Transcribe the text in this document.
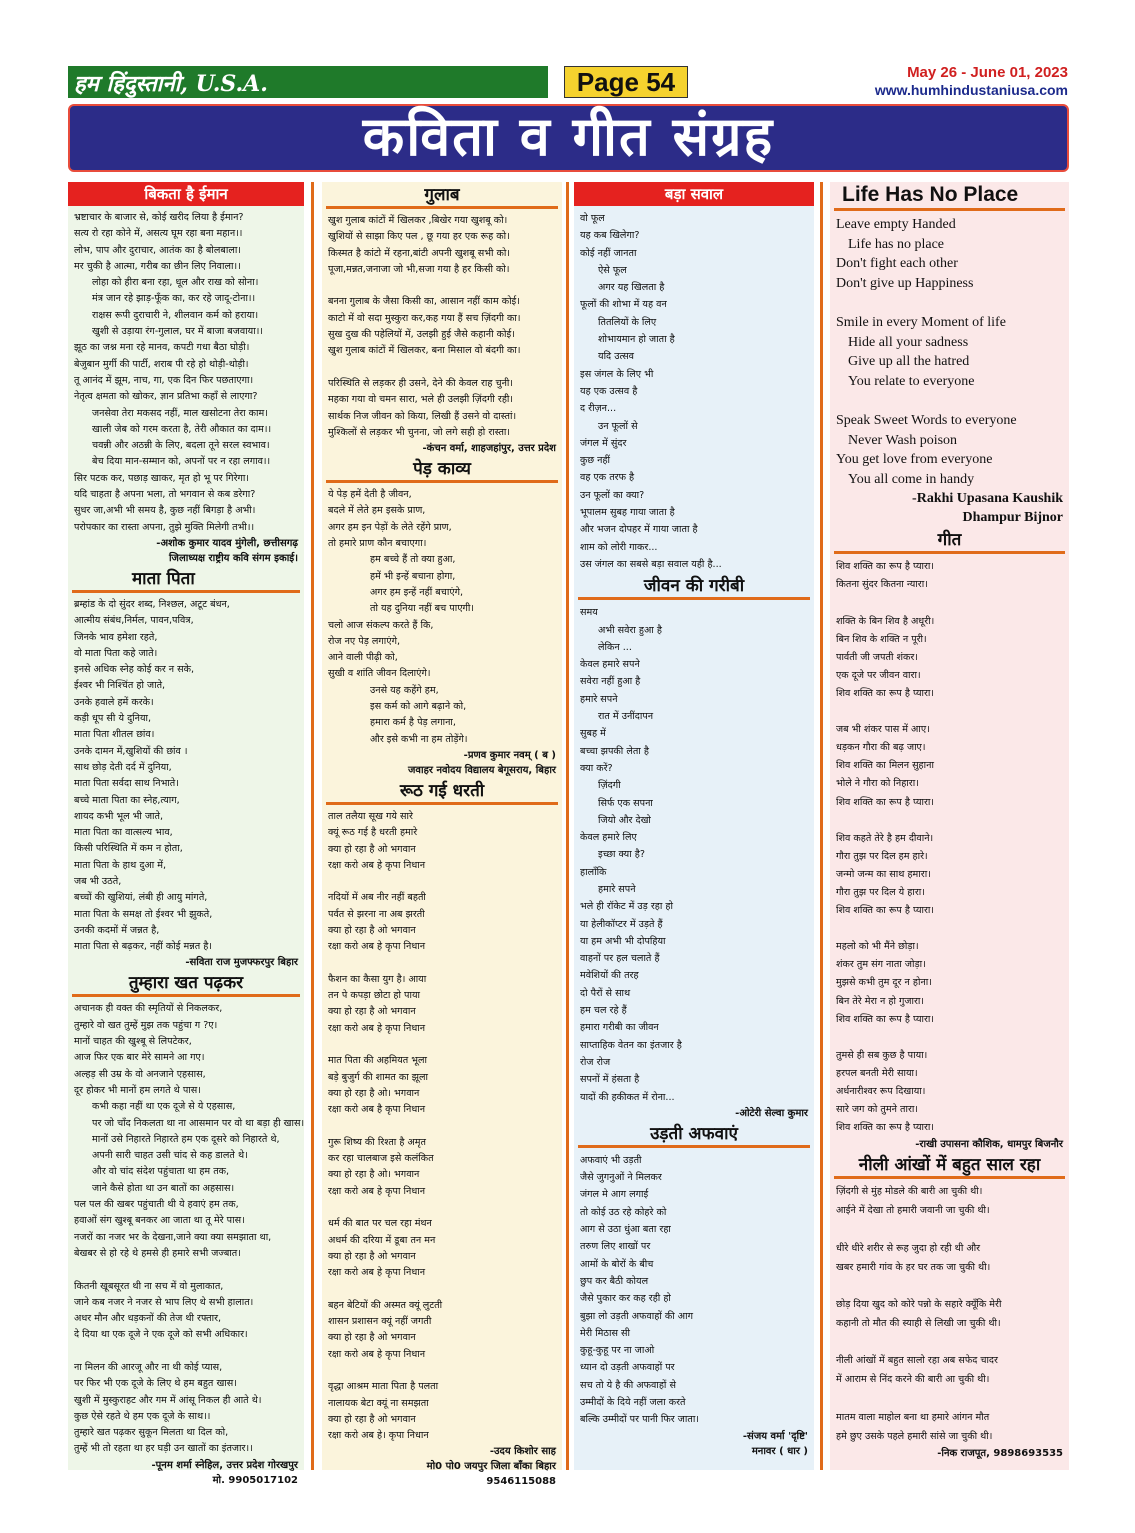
हम हिंदुस्तानी, U.S.A.	Page 54	May 26 - June 01, 2023
www.humhindustaniusa.com
कविता व गीत संग्रह
बिकता है ईमान
भ्रष्टाचार के बाजार से, कोई खरीद लिया है ईमान?
सत्य रो रहा कोने में, असत्य घूम रहा बना महान।।
लोभ, पाप और दुराचार, आतंक का है बोलबाला।
मर चुकी है आत्मा, गरीब का छीन लिए निवाला।।
लोहा को हीरा बना रहा, धूल और राख को सोना।
मंत्र जान रहे झाड़-फूँक का, कर रहे जादू-टोना।।
राक्षस रूपी दुराचारी ने, शीलवान कर्म को हराया।
खुशी से उड़ाया रंग-गुलाल, घर में बाजा बजवाया।।
झूठ का जश्न मना रहे मानव, कपटी गधा बैठा घोड़ी।
बेजुबान मुर्गी की पार्टी, शराब पी रहे हो थोड़ी-थोड़ी।
तू आनंद में झूम, नाच, गा, एक दिन फिर पछताएगा।
नेतृत्व क्षमता को खोकर, ज्ञान प्रतिभा कहाँ से लाएगा?
जनसेवा तेरा मकसद नहीं, माल खसोटना तेरा काम।
खाली जेब को गरम करता है, तेरी औकात का दाम।।
चवन्नी और अठन्नी के लिए, बदला तूने सरल स्वभाव।
बेच दिया मान-सम्मान को, अपनों पर न रहा लगाव।।
सिर पटक कर, पछाड़ खाकर, मृत हो भू पर गिरेगा।
यदि चाहता है अपना भला, तो भगवान से कब डरेगा?
सुधर जा,अभी भी समय है, कुछ नहीं बिगड़ा है अभी।
परोपकार का रास्ता अपना, तुझे मुक्ति मिलेगी तभी।।
-अशोक कुमार यादव मुंगेली, छत्तीसगढ़
जिलाध्यक्ष राष्ट्रीय कवि संगम इकाई।
माता पिता
ब्रम्हांड के दो सुंदर शब्द, निश्छल, अटूट बंधन,
आत्मीय संबंध,निर्मल, पावन,पवित्र,
जिनके भाव हमेशा रहते,
वो माता पिता कहे जाते।
इनसे अधिक स्नेह कोई कर न सके,
ईश्वर भी निश्चिंत हो जाते,
उनके हवाले हमें करके।
कड़ी धूप सी ये दुनिया,
माता पिता शीतल छांव।
उनके दामन में,खुशियों की छांव ।
साथ छोड़ देती दर्द में दुनिया,
माता पिता सर्वदा साथ निभाते।
बच्चे माता पिता का स्नेह,त्याग,
शायद कभी भूल भी जाते,
माता पिता का वात्सल्य भाव,
किसी परिस्थिति में कम न होता,
माता पिता के हाथ दुआ में,
जब भी उठते,
बच्चों की खुशियां, लंबी ही आयु मांगते,
माता पिता के समक्ष तो ईश्वर भी झुकते,
उनकी कदमों में जन्नत है,
माता पिता से बढ़कर, नहीं कोई मन्नत है।
-सविता राज मुजफ्फरपुर बिहार
तुम्हारा खत पढ़कर
अचानक ही वक्त की स्मृतियों से निकलकर,
तुम्हारे वो खत तुम्हें मुझ तक पहुंचा ग ?ए।
मानों चाहत की खुश्बू से लिपटेकर,
आज फिर एक बार मेरे सामने आ गए।
अल्हड़ सी उम्र के वो अनजाने एहसास,
दूर होकर भी मानों हम लगते थे पास।
कभी कहा नहीं था एक दूजे से ये एहसास,
पर जो चाँद निकलता था ना आसमान पर वो था बड़ा ही खास।
मानों उसे निहारते निहारते हम एक दूसरे को निहारते थे,
अपनी सारी चाहत उसी चांद से कह डालते थे।
और वो चांद संदेश पहुंचाता था हम तक,
जाने कैसे होता था उन बातों का अहसास।
पल पल की खबर पहुंचाती थी ये हवाएं हम तक,
हवाओं संग खुश्बू बनकर आ जाता था तू मेरे पास।
नजरों का नजर भर के देखना,जाने क्या क्या समझाता था,
बेखबर से हो रहे थे हमसे ही हमारे सभी जज्बात।
कितनी खूबसूरत थी ना सच में वो मुलाकात,
जाने कब नजर ने नजर से भाप लिए थे सभी हालात।
अधर मौन और धड़कनों की तेज थी रफ्तार,
दे दिया था एक दूजे ने एक दूजे को सभी अधिकार।
ना मिलन की आरजू और ना थी कोई प्यास,
पर फिर भी एक दूजे के लिए थे हम बहुत खास।
खुशी में मुस्कुराहट और गम में आंसू निकल ही आते थे।
कुछ ऐसे रहते थे हम एक दूजे के साथ।।
तुम्हारे खत पढ़कर सुकून मिलता था दिल को,
तुम्हें भी तो रहता था हर घड़ी उन खातों का इंतजार।।
-पूनम शर्मा स्नेहिल, उत्तर प्रदेश गोरखपुर
मो. 9905017102
गुलाब
खुश गुलाब कांटों में खिलकर ,बिखेर गया खुशबू को।
खुशियों से साझा किए पल , छू गया हर एक रूह को।
किस्मत है कांटो में रहना,बांटी अपनी खुशबू सभी को।
पूजा,मन्नत,जनाजा जो भी,सजा गया है हर किसी को।
बनना गुलाब के जैसा किसी का, आसान नहीं काम कोई।
काटो में वो सदा मुस्कुरा कर,कह गया हैं सच ज़िंदगी का।
सुख दुख की पहेलियों में, उलझी हुई जैसे कहानी कोई।
खुश गुलाब कांटों में खिलकर, बना मिसाल वो बंदगी का।
परिस्थिति से लड़कर ही उसने, देने की केवल राह चुनी।
महका गया वो चमन सारा, भले ही उलझी ज़िंदगी रही।
सार्थक निज जीवन को किया, लिखी हैं उसने वो दास्तां।
मुश्किलों से लड़कर भी चुनना, जो लगे सही हो रास्ता।
-कंचन वर्मा, शाहजहांपुर, उत्तर प्रदेश
पेड़ काव्य
ये पेड़ हमें देती है जीवन,
बदले में लेते हम इसके प्राण,
अगर हम इन पेड़ों के लेते रहेंगे प्राण,
तो हमारे प्राण कौन बचाएगा।
हम बच्चे हैं तो क्या हुआ,
हमें भी इन्हें बचाना होगा,
अगर हम इन्हें नहीं बचाएंगे,
तो यह दुनिया नहीं बच पाएगी।
चलो आज संकल्प करते हैं कि,
रोज नए पेड़ लगाएंगे,
आने वाली पीढ़ी को,
सुखी व शांति जीवन दिलाएंगे।
उनसे यह कहेंगे हम,
इस कर्म को आगे बढ़ाने को,
हमारा कर्म है पेड़ लगाना,
और इसे कभी ना हम तोड़ेंगे।
-प्रणव कुमार नवम् ( ब )
जवाहर नवोदय विद्यालय बेगूसराय, बिहार
रूठ गई धरती
ताल तलैया सूख गये सारे
क्यूं रूठ गई है धरती हमारे
क्या हो रहा है ओ भगवान
रक्षा करो अब हे कृपा निधान
नदियों में अब नीर नहीं बहती
पर्वत से झरना ना अब झरती
क्या हो रहा है ओ भगवान
रक्षा करो अब हे कृपा निधान
फैशन का कैसा युग है। आया
तन पे कपड़ा छोटा हो पाया
क्या हो रहा है ओ भगवान
रक्षा करो अब हे कृपा निधान
मात पिता की अहमियत भूला
बड़े बुजुर्ग की शामत का झूला
क्या हो रहा है ओ। भगवान
रक्षा करो अब है कृपा निधान
गुरू शिष्य की रिश्ता है अमृत
कर रहा चालबाज इसे कलंकित
क्या हो रहा है ओ। भगवान
रक्षा करो अब हे कृपा निधान
धर्म की बात पर चल रहा मंथन
अधर्म की दरिया में डूबा तन मन
क्या हो रहा है ओ भगवान
रक्षा करो अब हे कृपा निधान
बहन बेटियों की अस्मत क्यूं लुटती
शासन प्रशासन क्यूं नहीं जगती
क्या हो रहा है ओ भगवान
रक्षा करो अब हे कृपा निधान
वृद्धा आश्रम माता पिता है पलता
नालायक बेटा क्यूं ना समझता
क्या हो रहा है ओ भगवान
रक्षा करो अब हे। कृपा निधान
-उदय किशोर साह
मो0 पो0 जयपुर जिला बाँका बिहार
9546115088
बड़ा सवाल
वो फूल
यह कब खिलेगा?
कोई नहीं जानता
ऐसे फूल
अगर यह खिलता है
फूलों की शोभा में यह वन
तितलियों के लिए
शोभायमान हो जाता है
यदि उत्सव
इस जंगल के लिए भी
यह एक उत्सव है
द रीज़न...
उन फूलों से
जंगल में सुंदर
कुछ नहीं
वह एक तरफ है
उन फूलों का क्या?
भूपालम सुबह गाया जाता है
और भजन दोपहर में गाया जाता है
शाम को लोरी गाकर...
उस जंगल का सबसे बड़ा सवाल यही है...
जीवन की गरीबी
समय
अभी सवेरा हुआ है
लेकिन ...
केवल हमारे सपने
सवेरा नहीं हुआ है
हमारे सपने
रात में उनींदापन
सुबह में
बच्चा झपकी लेता है
क्या करें?
ज़िंदगी
सिर्फ एक सपना
जियो और देखो
केवल हमारे लिए
इच्छा क्या है?
हालाँकि
हमारे सपने
भले ही रॉकेट में उड़ रहा हो
या हेलीकॉप्टर में उड़ते हैं
या हम अभी भी दोपहिया
वाहनों पर हल चलाते हैं
मवेशियों की तरह
दो पैरों से साथ
हम चल रहे हैं
हमारा गरीबी का जीवन
साप्ताहिक वेतन का इंतजार है
रोज रोज
सपनों में हंसता है
यादों की हकीकत में रोना...
-ओटेरी सेल्वा कुमार
उड़ती अफवाएं
अफवाएं भी उड़ती
जैसे जुगनुओं ने मिलकर
जंगल मे आग लगाई
तो कोई उठ रहे कोहरे को
आग से उठा धुंआ बता रहा
तरुण लिए शाखों पर
आमों के बोरों के बीच
छुप कर बैठी कोयल
जैसे पुकार कर कह रही हो
बुझा लो उड़ती अफवाहों की आग
मेरी मिठास सी
कुहू-कुहू पर ना जाओ
ध्यान दो उड़ती अफवाहों पर
सच तो ये है की अफवाहों से
उम्मीदों के दिये नहीं जला करते
बल्कि उम्मीदों पर पानी फिर जाता।
-संजय वर्मा 'दृष्टि'
मनावर ( धार )
Life Has No Place
Leave empty Handed
Life has no place
Don't fight each other
Don't give up Happiness
Smile in every Moment of life
Hide all your sadness
Give up all the hatred
You relate to everyone
Speak Sweet Words to everyone
Never Wash poison
You get love from everyone
You all come in handy
-Rakhi Upasana Kaushik
Dhampur Bijnor
गीत
शिव शक्ति का रूप है प्यारा।
कितना सुंदर कितना न्यारा।
शक्ति के बिन शिव है अधूरी।
बिन शिव के शक्ति न पूरी।
पार्वती जी जपती शंकर।
एक दूजे पर जीवन वारा।
शिव शक्ति का रूप है प्यारा।
जब भी शंकर पास में आए।
धड़कन गौरा की बढ़ जाए।
शिव शक्ति का मिलन सुहाना
भोले ने गौरा को निहारा।
शिव शक्ति का रूप है प्यारा।
शिव कहते तेरे है हम दीवाने।
गौरा तुझ पर दिल हम हारे।
जन्मो जन्म का साथ हमारा।
गौरा तुझ पर दिल ये हारा।
शिव शक्ति का रूप है प्यारा।
महलो को भी मैंने छोड़ा।
शंकर तुम संग नाता जोड़ा।
मुझसे कभी तुम दूर न होना।
बिन तेरे मेरा न हो गुजारा।
शिव शक्ति का रूप है प्यारा।
तुमसे ही सब कुछ है पाया।
हरपल बनती मेरी साया।
अर्धनारीश्वर रूप दिखाया।
सारे जग को तुमने तारा।
शिव शक्ति का रूप है प्यारा।
-राखी उपासना कौशिक, धामपुर बिजनौर
नीली आंखों में बहुत साल रहा
ज़िंदगी से मुंह मोडले की बारी आ चुकी थी।
आईने में देखा तो हमारी जवानी जा चुकी थी।
धीरे धीरे शरीर से रूह जुदा हो रही थी और
खबर हमारी गांव के हर घर तक जा चुकी थी।
छोड़ दिया खुद को कोरे पन्नो के सहारे क्यूँकि मेरी
कहानी तो मौत की स्याही से लिखी जा चुकी थी।
नीली आंखों में बहुत सालो रहा अब सफेद चादर
में आराम से निंद करने की बारी आ चुकी थी।
मातम वाला माहोल बना था हमारे आंगन मौत
हमे छुए उसके पहले हमारी सांसे जा चुकी थी।
-निक राजपूत, 9898693535
